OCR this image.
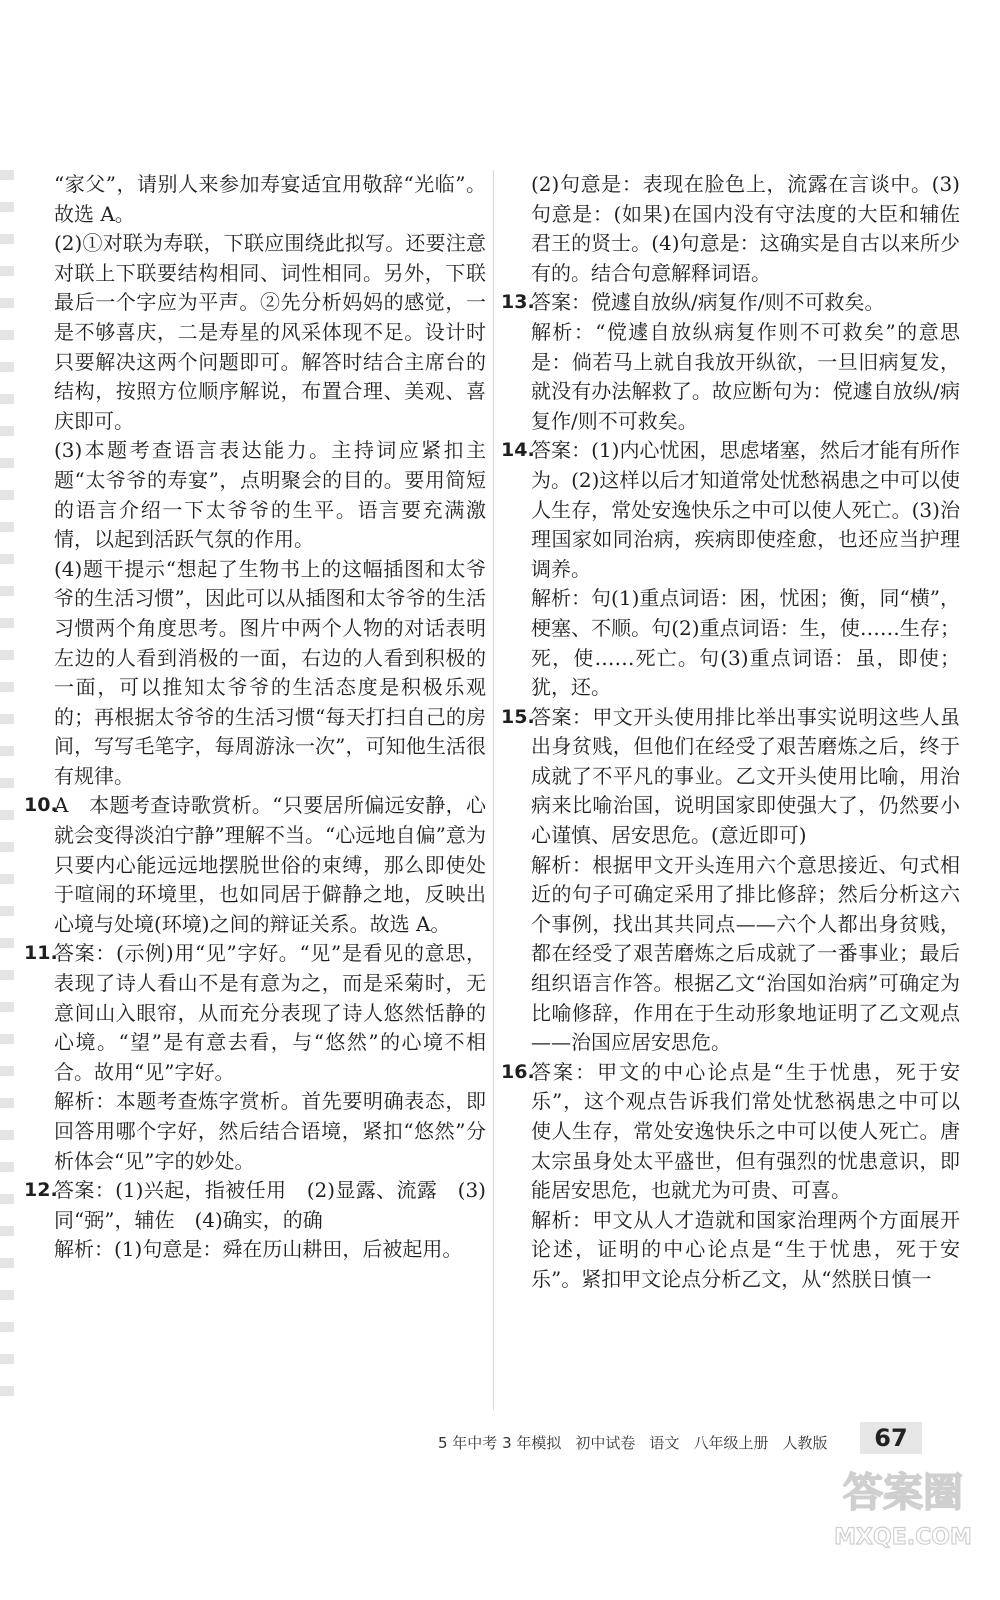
“家父”，请别人来参加寿宴适宜用敬辞“光临”。故选 A。

(2)①对联为寿联，下联应围绕此拟写。还要注意对联上下联要结构相同、词性相同。另外，下联最后一个字应为平声。②先分析妈妈的感觉，一是不够喜庆，二是寿星的风采体现不足。设计时只要解决这两个问题即可。解答时结合主席台的结构，按照方位顺序解说，布置合理、美观、喜庆即可。

(3)本题考查语言表达能力。主持词应紧扣主题“太爷爷的寿宴”，点明聚会的目的。要用简短的语言介绍一下太爷爷的生平。语言要充满激情，以起到活跃气氛的作用。

(4)题干提示“想起了生物书上的这幅插图和太爷爷的生活习惯”，因此可以从插图和太爷爷的生活习惯两个角度思考。图片中两个人物的对话表明左边的人看到消极的一面，右边的人看到积极的一面，可以推知太爷爷的生活态度是积极乐观的；再根据太爷爷的生活习惯“每天打扫自己的房间，写写毛笔字，每周游泳一次”，可知他生活很有规律。

10.

A　本题考查诗歌赏析。“只要居所偏远安静，心就会变得淡泊宁静”理解不当。“心远地自偏”意为只要内心能远远地摆脱世俗的束缚，那么即使处于喧闹的环境里，也如同居于僻静之地，反映出心境与处境(环境)之间的辩证关系。故选 A。

11.

答案：(示例)用“见”字好。“见”是看见的意思，表现了诗人看山不是有意为之，而是采菊时，无意间山入眼帘，从而充分表现了诗人悠然恬静的心境。“望”是有意去看，与“悠然”的心境不相合。故用“见”字好。

解析：本题考查炼字赏析。首先要明确表态，即回答用哪个字好，然后结合语境，紧扣“悠然”分析体会“见”字的妙处。

12.

答案：(1)兴起，指被任用　(2)显露、流露　(3)同“弼”，辅佐　(4)确实，的确

解析：(1)句意是：舜在历山耕田，后被起用。

(2)句意是：表现在脸色上，流露在言谈中。(3)句意是：(如果)在国内没有守法度的大臣和辅佐君王的贤士。(4)句意是：这确实是自古以来所少有的。结合句意解释词语。

13.

答案：傥遽自放纵/病复作/则不可救矣。

解析：“傥遽自放纵病复作则不可救矣”的意思是：倘若马上就自我放开纵欲，一旦旧病复发，就没有办法解救了。故应断句为：傥遽自放纵/病复作/则不可救矣。

14.

答案：(1)内心忧困，思虑堵塞，然后才能有所作为。(2)这样以后才知道常处忧愁祸患之中可以使人生存，常处安逸快乐之中可以使人死亡。(3)治理国家如同治病，疾病即使痊愈，也还应当护理调养。

解析：句(1)重点词语：困，忧困；衡，同“横”，梗塞、不顺。句(2)重点词语：生，使……生存；死，使……死亡。句(3)重点词语：虽，即使；犹，还。

15.

答案：甲文开头使用排比举出事实说明这些人虽出身贫贱，但他们在经受了艰苦磨炼之后，终于成就了不平凡的事业。乙文开头使用比喻，用治病来比喻治国，说明国家即使强大了，仍然要小心谨慎、居安思危。(意近即可)

解析：根据甲文开头连用六个意思接近、句式相近的句子可确定采用了排比修辞；然后分析这六个事例，找出其共同点——六个人都出身贫贱，都在经受了艰苦磨炼之后成就了一番事业；最后组织语言作答。根据乙文“治国如治病”可确定为比喻修辞，作用在于生动形象地证明了乙文观点——治国应居安思危。

16.

答案：甲文的中心论点是“生于忧患，死于安乐”，这个观点告诉我们常处忧愁祸患之中可以使人生存，常处安逸快乐之中可以使人死亡。唐太宗虽身处太平盛世，但有强烈的忧患意识，即能居安思危，也就尤为可贵、可喜。

解析：甲文从人才造就和国家治理两个方面展开论述，证明的中心论点是“生于忧患，死于安乐”。紧扣甲文论点分析乙文，从“然朕日慎一

5 年中考 3 年模拟 初中试卷 语文 八年级上册 人教版	67
答案圈
MXQE.COM
